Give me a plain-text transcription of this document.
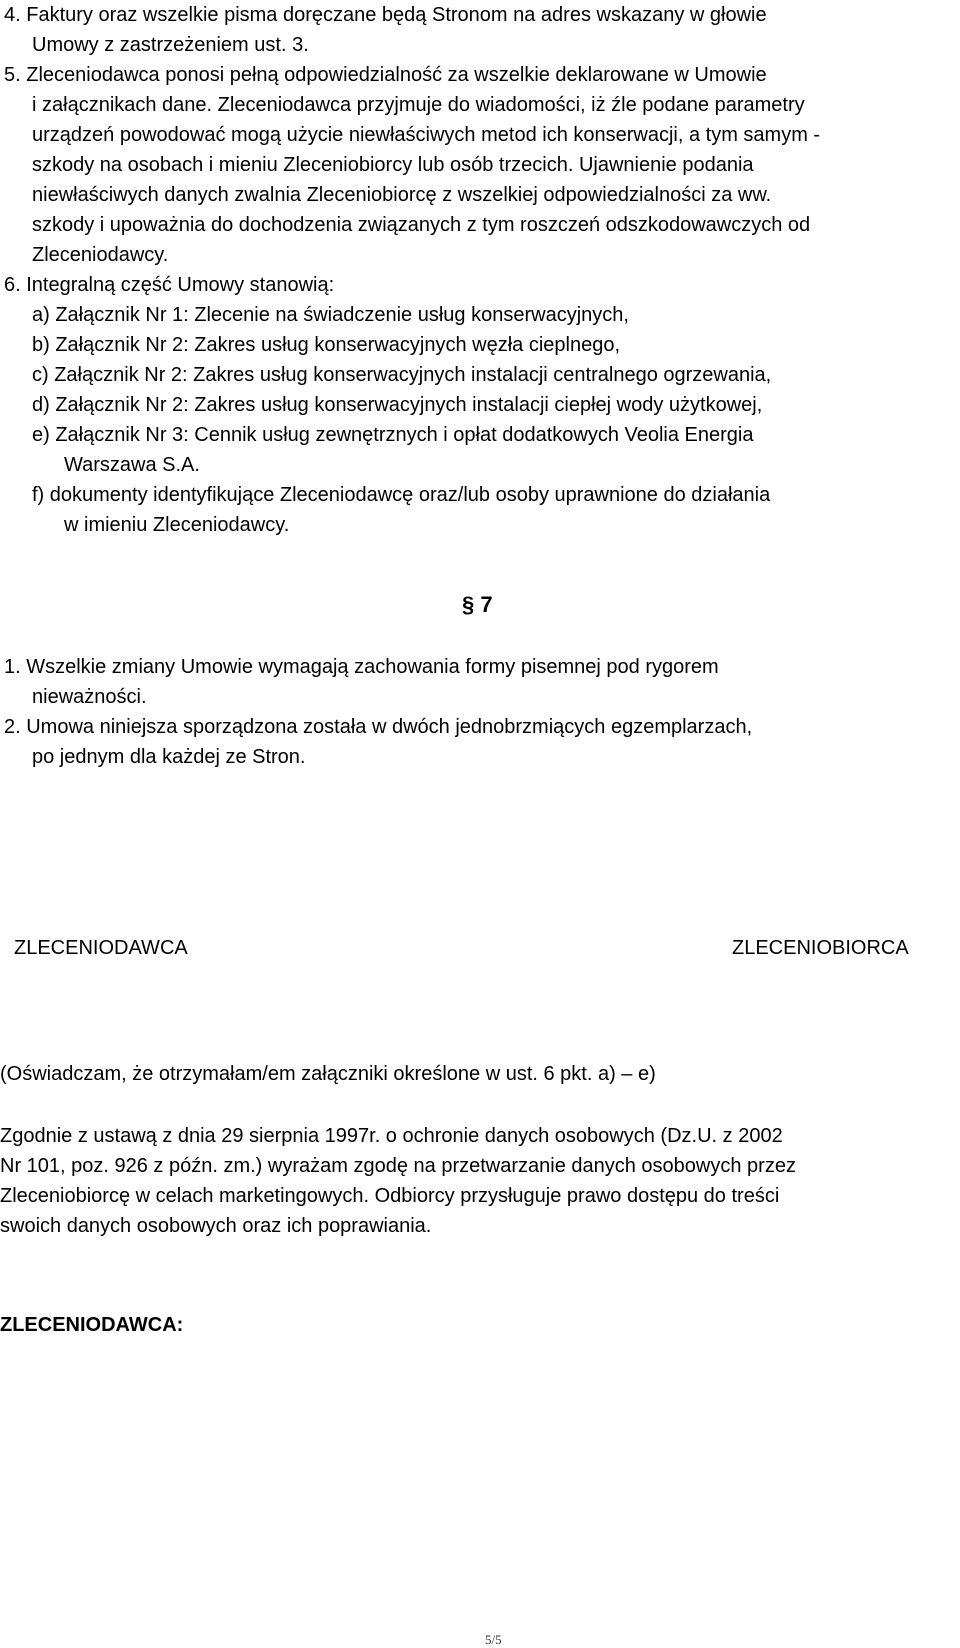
4. Faktury oraz wszelkie pisma doręczane będą Stronom na adres wskazany w głowie

Umowy z zastrzeżeniem ust. 3.

5. Zleceniodawca ponosi pełną odpowiedzialność za wszelkie deklarowane w Umowie

i załącznikach dane. Zleceniodawca przyjmuje do wiadomości, iż źle podane parametry

urządzeń powodować mogą użycie niewłaściwych metod ich konserwacji, a tym samym -

szkody na osobach i mieniu Zleceniobiorcy lub osób trzecich. Ujawnienie podania

niewłaściwych danych zwalnia Zleceniobiorcę z wszelkiej odpowiedzialności za ww.

szkody i upoważnia do dochodzenia związanych z tym roszczeń odszkodowawczych od

Zleceniodawcy.

6. Integralną część Umowy stanowią:

a) Załącznik Nr 1: Zlecenie na świadczenie usług konserwacyjnych,

b) Załącznik Nr 2: Zakres usług konserwacyjnych węzła cieplnego,

c) Załącznik Nr 2: Zakres usług konserwacyjnych instalacji centralnego ogrzewania,

d) Załącznik Nr 2: Zakres usług konserwacyjnych instalacji ciepłej wody użytkowej,

e) Załącznik Nr 3: Cennik usług zewnętrznych i opłat dodatkowych Veolia Energia

Warszawa S.A.

f) dokumenty identyfikujące Zleceniodawcę oraz/lub osoby uprawnione do działania

w imieniu Zleceniodawcy.

§ 7

1. Wszelkie zmiany Umowie wymagają zachowania formy pisemnej pod rygorem

nieważności.

2. Umowa niniejsza sporządzona została w dwóch jednobrzmiących egzemplarzach,

po jednym dla każdej ze Stron.

ZLECENIODAWCA	ZLECENIOBIORCA

(Oświadczam, że otrzymałam/em załączniki określone w ust. 6 pkt. a) – e)

Zgodnie z ustawą z dnia 29 sierpnia 1997r. o ochronie danych osobowych (Dz.U. z 2002

Nr 101, poz. 926 z późn. zm.) wyrażam zgodę na przetwarzanie danych osobowych przez

Zleceniobiorcę w celach marketingowych. Odbiorcy przysługuje prawo dostępu do treści

swoich danych osobowych oraz ich poprawiania.

ZLECENIODAWCA:

5/5
